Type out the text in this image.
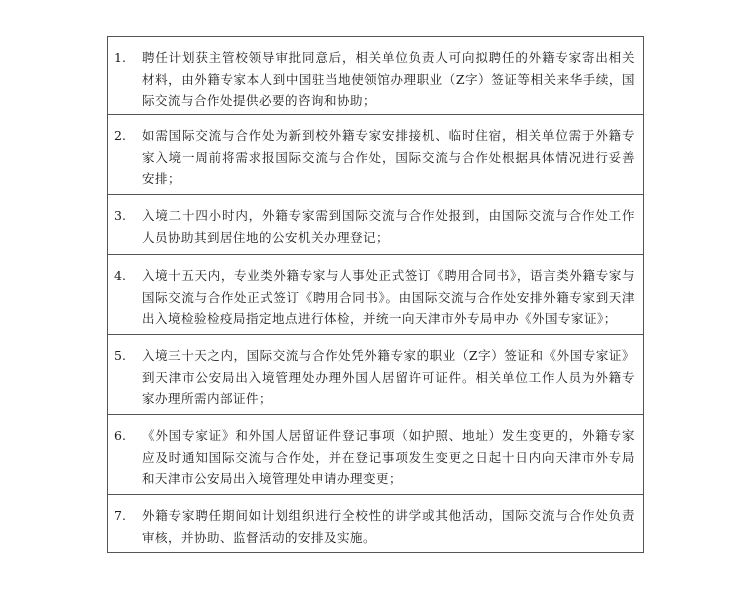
1.	聘任计划获主管校领导审批同意后，相关单位负责人可向拟聘任的外籍专家寄出相关材料，由外籍专家本人到中国驻当地使领馆办理职业（Z字）签证等相关来华手续，国际交流与合作处提供必要的咨询和协助；

2.	如需国际交流与合作处为新到校外籍专家安排接机、临时住宿，相关单位需于外籍专家入境一周前将需求报国际交流与合作处，国际交流与合作处根据具体情况进行妥善安排；

3.	入境二十四小时内，外籍专家需到国际交流与合作处报到，由国际交流与合作处工作人员协助其到居住地的公安机关办理登记；

4.	入境十五天内，专业类外籍专家与人事处正式签订《聘用合同书》，语言类外籍专家与国际交流与合作处正式签订《聘用合同书》。由国际交流与合作处安排外籍专家到天津出入境检验检疫局指定地点进行体检，并统一向天津市外专局申办《外国专家证》；

5.	入境三十天之内，国际交流与合作处凭外籍专家的职业（Z字）签证和《外国专家证》到天津市公安局出入境管理处办理外国人居留许可证件。相关单位工作人员为外籍专家办理所需内部证件；

6.	《外国专家证》和外国人居留证件登记事项（如护照、地址）发生变更的，外籍专家应及时通知国际交流与合作处，并在登记事项发生变更之日起十日内向天津市外专局和天津市公安局出入境管理处申请办理变更；

7.	外籍专家聘任期间如计划组织进行全校性的讲学或其他活动，国际交流与合作处负责审核，并协助、监督活动的安排及实施。
